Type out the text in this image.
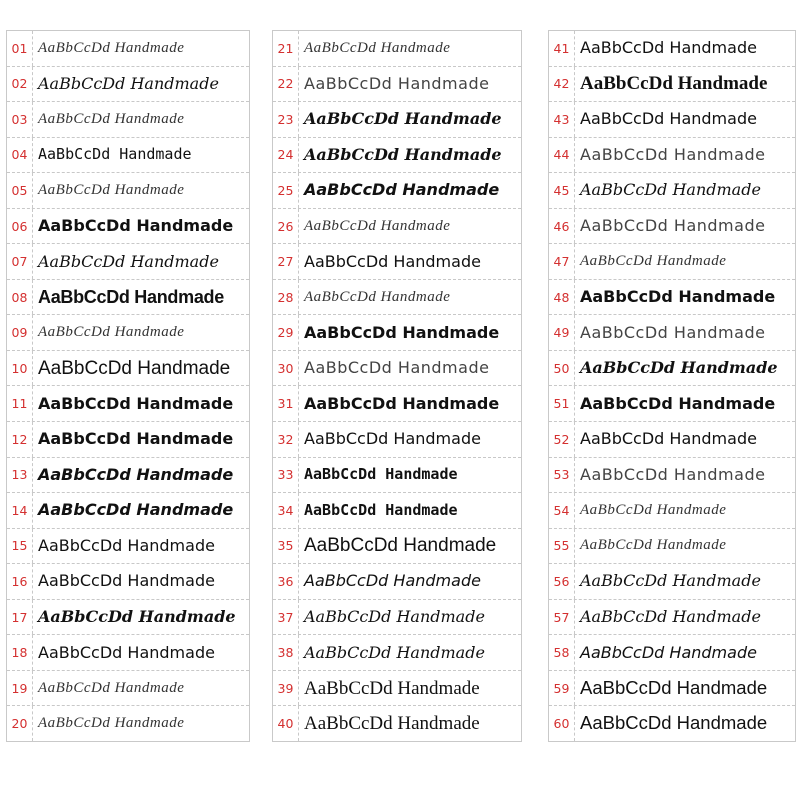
01 AaBbCcDd Handmade
02 AaBbCcDd Handmade
03 AaBbCcDd Handmade
04 AaBbCcDd Handmade
05 AaBbCcDd Handmade
06 AaBbCcDd Handmade
07 AaBbCcDd Handmade
08 AaBbCcDd Handmade
09 AaBbCcDd Handmade
10 AaBbCcDd Handmade
11 AaBbCcDd Handmade
12 AaBbCcDd Handmade
13 AaBbCcDd Handmade
14 AaBbCcDd Handmade
15 AaBbCcDd Handmade
16 AaBbCcDd Handmade
17 AaBbCcDd Handmade
18 AaBbCcDd Handmade
19 AaBbCcDd Handmade
20 AaBbCcDd Handmade
21 AaBbCcDd Handmade
22 AaBbCcDd Handmade
23 AaBbCcDd Handmade
24 AaBbCcDd Handmade
25 AaBbCcDd Handmade
26 AaBbCcDd Handmade
27 AaBbCcDd Handmade
28 AaBbCcDd Handmade
29 AaBbCcDd Handmade
30 AaBbCcDd Handmade
31 AaBbCcDd Handmade
32 AaBbCcDd Handmade
33 AaBbCcDd Handmade
34 AaBbCcDd Handmade
35 AaBbCcDd Handmade
36 AaBbCcDd Handmade
37 AaBbCcDd Handmade
38 AaBbCcDd Handmade
39 AaBbCcDd Handmade
40 AaBbCcDd Handmade
41 AaBbCcDd Handmade
42 AaBbCcDd Handmade
43 AaBbCcDd Handmade
44 AaBbCcDd Handmade
45 AaBbCcDd Handmade
46 AaBbCcDd Handmade
47 AaBbCcDd Handmade
48 AaBbCcDd Handmade
49 AaBbCcDd Handmade
50 AaBbCcDd Handmade
51 AaBbCcDd Handmade
52 AaBbCcDd Handmade
53 AaBbCcDd Handmade
54 AaBbCcDd Handmade
55 AaBbCcDd Handmade
56 AaBbCcDd Handmade
57 AaBbCcDd Handmade
58 AaBbCcDd Handmade
59 AaBbCcDd Handmade
60 AaBbCcDd Handmade
